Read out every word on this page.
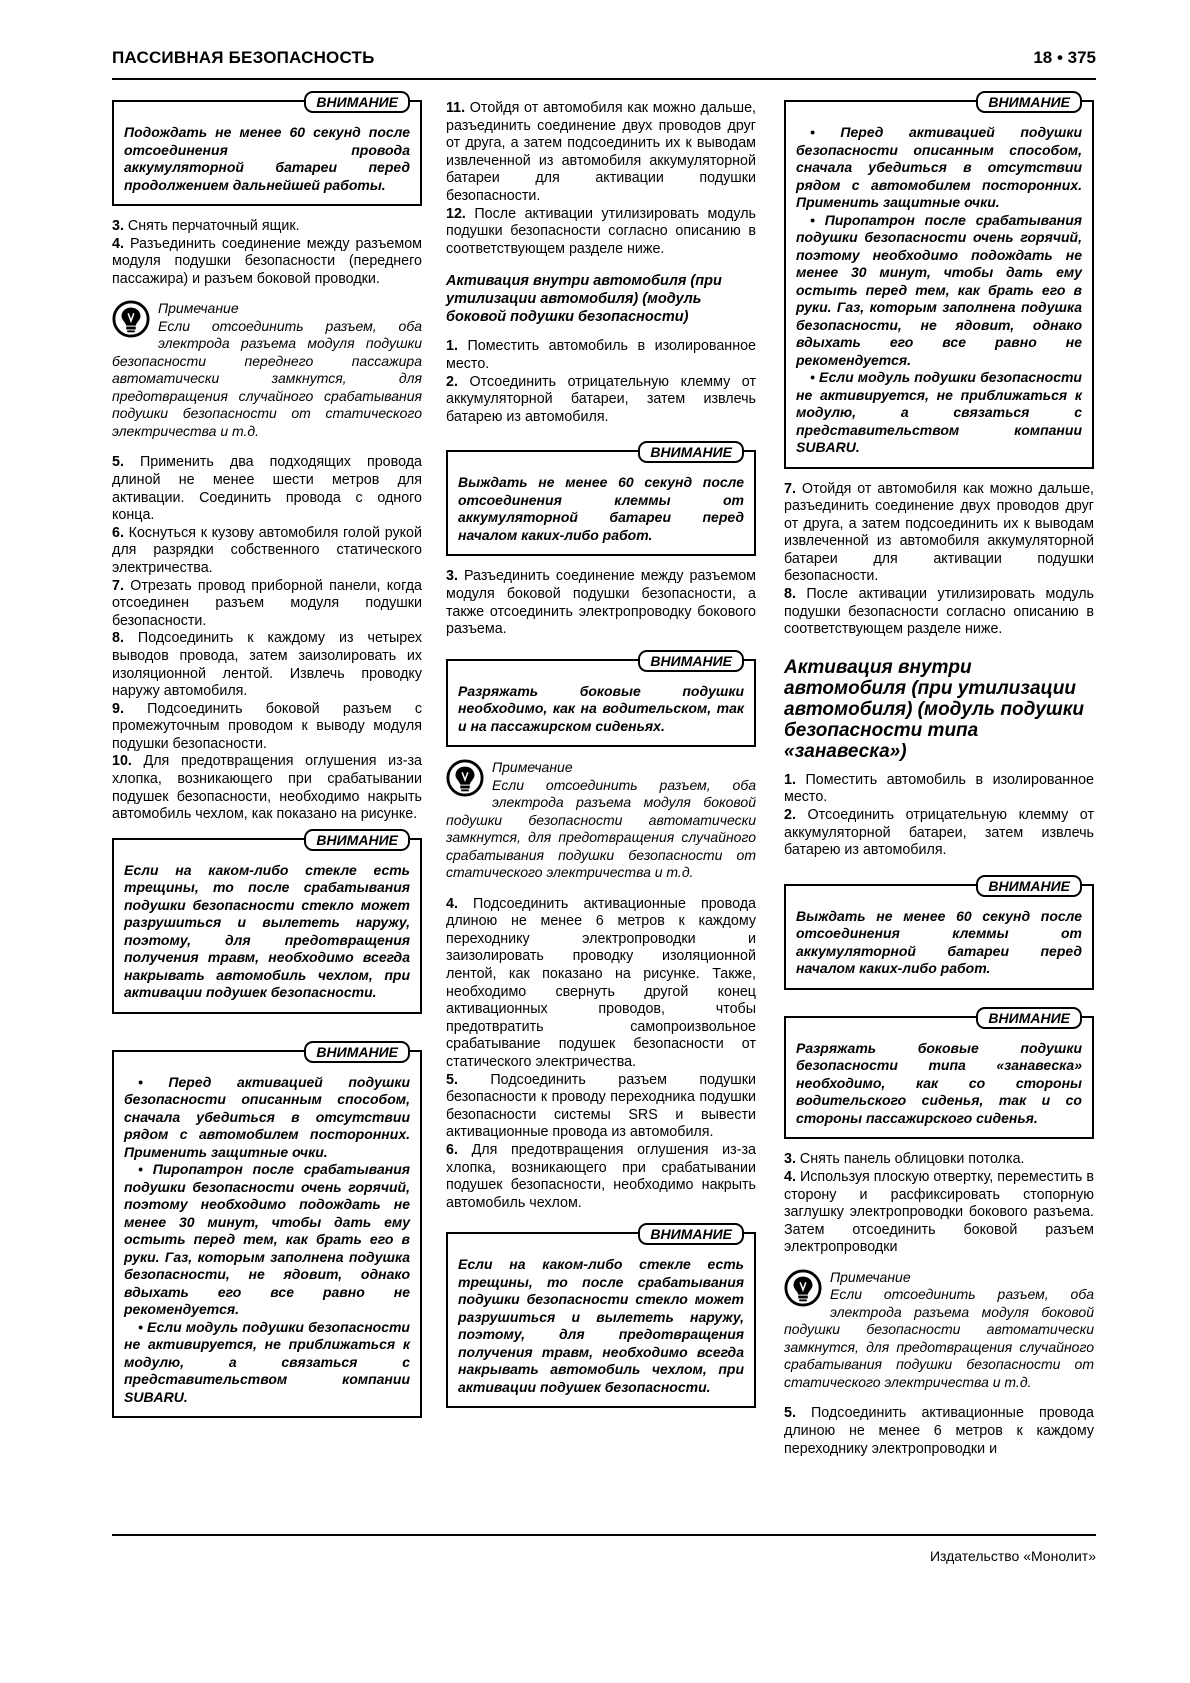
ПАССИВНАЯ БЕЗОПАСНОСТЬ	18 • 375
ВНИМАНИЕ

Подождать не менее 60 секунд после отсоединения провода аккумуляторной батареи перед продолжением дальнейшей работы.

3. Снять перчаточный ящик.

4. Разъединить соединение между разъемом модуля подушки безопасности (переднего пассажира) и разъем боковой проводки.

Примечание

Если отсоединить разъем, оба электрода разъема модуля подушки безопасности переднего пассажира автоматически замкнутся, для предотвращения случайного срабатывания подушки безопасности от статического электричества и т.д.

5. Применить два подходящих провода длиной не менее шести метров для активации. Соединить провода с одного конца.

6. Коснуться к кузову автомобиля голой рукой для разрядки собственного статического электричества.

7. Отрезать провод приборной панели, когда отсоединен разъем модуля подушки безопасности.

8. Подсоединить к каждому из четырех выводов провода, затем заизолировать их изоляционной лентой. Извлечь проводку наружу автомобиля.

9. Подсоединить боковой разъем с промежуточным проводом к выводу модуля подушки безопасности.

10. Для предотвращения оглушения из-за хлопка, возникающего при срабатывании подушек безопасности, необходимо накрыть автомобиль чехлом, как показано на рисунке.

ВНИМАНИЕ

Если на каком-либо стекле есть трещины, то после срабатывания подушки безопасности стекло может разрушиться и вылететь наружу, поэтому, для предотвращения получения травм, необходимо всегда накрывать автомобиль чехлом, при активации подушек безопасности.

ВНИМАНИЕ

• Перед активацией подушки безопасности описанным способом, сначала убедиться в отсутствии рядом с автомобилем посторонних. Применить защитные очки.

• Пиропатрон после срабатывания подушки безопасности очень горячий, поэтому необходимо подождать не менее 30 минут, чтобы дать ему остыть перед тем, как брать его в руки. Газ, которым заполнена подушка безопасности, не ядовит, однако вдыхать его все равно не рекомендуется.

• Если модуль подушки безопасности не активируется, не приближаться к модулю, а связаться с представительством компании SUBARU.

11. Отойдя от автомобиля как можно дальше, разъединить соединение двух проводов друг от друга, а затем подсоединить их к выводам извлеченной из автомобиля аккумуляторной батареи для активации подушки безопасности.

12. После активации утилизировать модуль подушки безопасности согласно описанию в соответствующем разделе ниже.

Активация внутри автомобиля (при утилизации автомобиля) (модуль боковой подушки безопасности)

1. Поместить автомобиль в изолированное место.

2. Отсоединить отрицательную клемму от аккумуляторной батареи, затем извлечь батарею из автомобиля.

ВНИМАНИЕ

Выждать не менее 60 секунд после отсоединения клеммы от аккумуляторной батареи перед началом каких-либо работ.

3. Разъединить соединение между разъемом модуля боковой подушки безопасности, а также отсоединить электропроводку бокового разъема.

ВНИМАНИЕ

Разряжать боковые подушки необходимо, как на водительском, так и на пассажирском сиденьях.

Примечание

Если отсоединить разъем, оба электрода разъема модуля боковой подушки безопасности автоматически замкнутся, для предотвращения случайного срабатывания подушки безопасности от статического электричества и т.д.

4. Подсоединить активационные провода длиною не менее 6 метров к каждому переходнику электропроводки и заизолировать проводку изоляционной лентой, как показано на рисунке. Также, необходимо свернуть другой конец активационных проводов, чтобы предотвратить самопроизвольное срабатывание подушек безопасности от статического электричества.

5. Подсоединить разъем подушки безопасности к проводу переходника подушки безопасности системы SRS и вывести активационные провода из автомобиля.

6. Для предотвращения оглушения из-за хлопка, возникающего при срабатывании подушек безопасности, необходимо накрыть автомобиль чехлом.

ВНИМАНИЕ

Если на каком-либо стекле есть трещины, то после срабатывания подушки безопасности стекло может разрушиться и вылететь наружу, поэтому, для предотвращения получения травм, необходимо всегда накрывать автомобиль чехлом, при активации подушек безопасности.

ВНИМАНИЕ

• Перед активацией подушки безопасности описанным способом, сначала убедиться в отсутствии рядом с автомобилем посторонних. Применить защитные очки.

• Пиропатрон после срабатывания подушки безопасности очень горячий, поэтому необходимо подождать не менее 30 минут, чтобы дать ему остыть перед тем, как брать его в руки. Газ, которым заполнена подушка безопасности, не ядовит, однако вдыхать его все равно не рекомендуется.

• Если модуль подушки безопасности не активируется, не приближаться к модулю, а связаться с представительством компании SUBARU.

7. Отойдя от автомобиля как можно дальше, разъединить соединение двух проводов друг от друга, а затем подсоединить их к выводам извлеченной из автомобиля аккумуляторной батареи для активации подушки безопасности.

8. После активации утилизировать модуль подушки безопасности согласно описанию в соответствующем разделе ниже.

Активация внутри автомобиля (при утилизации автомобиля) (модуль подушки безопасности типа «занавеска»)

1. Поместить автомобиль в изолированное место.

2. Отсоединить отрицательную клемму от аккумуляторной батареи, затем извлечь батарею из автомобиля.

ВНИМАНИЕ

Выждать не менее 60 секунд после отсоединения клеммы от аккумуляторной батареи перед началом каких-либо работ.

ВНИМАНИЕ

Разряжать боковые подушки безопасности типа «занавеска» необходимо, как со стороны водительского сиденья, так и со стороны пассажирского сиденья.

3. Снять панель облицовки потолка.

4. Используя плоскую отвертку, переместить в сторону и расфиксировать стопорную заглушку электропроводки бокового разъема. Затем отсоединить боковой разъем электропроводки

Примечание

Если отсоединить разъем, оба электрода разъема модуля боковой подушки безопасности автоматически замкнутся, для предотвращения случайного срабатывания подушки безопасности от статического электричества и т.д.

5. Подсоединить активационные провода длиною не менее 6 метров к каждому переходнику электропроводки и

Издательство «Монолит»
